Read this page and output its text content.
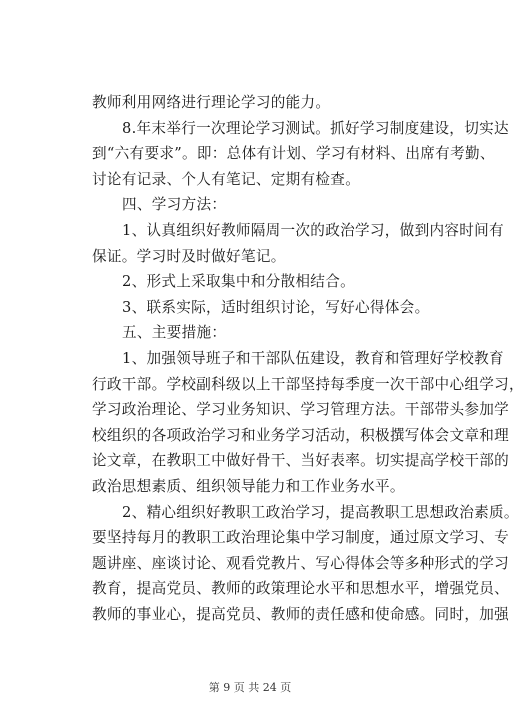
教师利用网络进行理论学习的能力。
8.年末举行一次理论学习测试。抓好学习制度建设，切实达
到“六有要求”。即：总体有计划、学习有材料、出席有考勤、
讨论有记录、个人有笔记、定期有检查。
四、学习方法：
1、认真组织好教师隔周一次的政治学习，做到内容时间有
保证。学习时及时做好笔记。
2、形式上采取集中和分散相结合。
3、联系实际，适时组织讨论，写好心得体会。
五、主要措施：
1、加强领导班子和干部队伍建设，教育和管理好学校教育
行政干部。学校副科级以上干部坚持每季度一次干部中心组学习，
学习政治理论、学习业务知识、学习管理方法。干部带头参加学
校组织的各项政治学习和业务学习活动，积极撰写体会文章和理
论文章，在教职工中做好骨干、当好表率。切实提高学校干部的
政治思想素质、组织领导能力和工作业务水平。
2、精心组织好教职工政治学习，提高教职工思想政治素质。
要坚持每月的教职工政治理论集中学习制度，通过原文学习、专
题讲座、座谈讨论、观看党教片、写心得体会等多种形式的学习
教育，提高党员、教师的政策理论水平和思想水平，增强党员、
教师的事业心，提高党员、教师的责任感和使命感。同时，加强
第 9 页 共 24 页
